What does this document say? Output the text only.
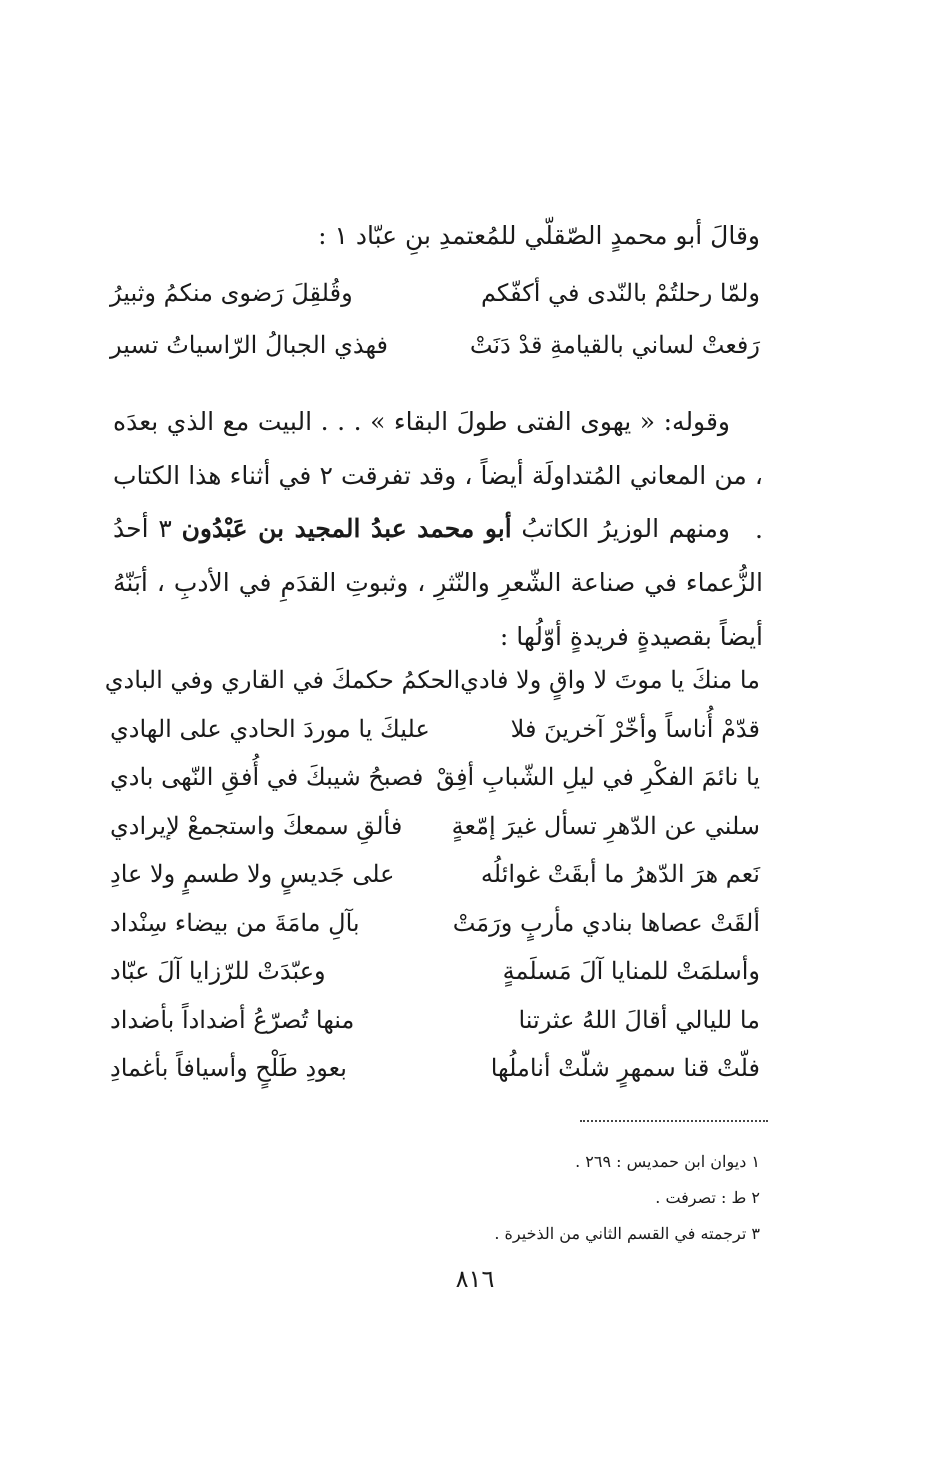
وقالَ أبو محمدٍ الصّقلّي للمُعتمدِ بنِ عبّاد ١ :
ولمّا رحلتُمْ بالنّدى في أكفّكم
وقُلقِلَ رَضوى منكمُ وثبيرُ
رَفعتْ لساني بالقيامةِ قدْ دَنَتْ
فهذي الجبالُ الرّاسياتُ تسير
وقوله: « يهوى الفتى طولَ البقاء » . . . البيت مع الذي بعدَه ، من المعاني المُتداولَة أيضاً ، وقد تفرقت ٢ في أثناء هذا الكتاب .
ومنهم الوزيرُ الكاتبُ أبو محمد عبدُ المجيد بن عَبْدُون ٣ أحدُ الزُّعماء في صناعة الشّعرِ والنّثرِ ، وثبوتِ القدَمِ في الأدبِ ، أبَنّهُ أيضاً بقصيدةٍ فريدةٍ أوّلُها :
ما منكَ يا موتَ لا واقٍ ولا فادي
الحكمُ حكمكَ في القاري وفي البادي
قدّمْ أُناساً وأخّرْ آخرينَ فلا
عليكَ يا موردَ الحادي على الهادي
يا نائمَ الفكْرِ في ليلِ الشّبابِ أفِقْ
فصبحُ شيبكَ في أُفقِ النّهى بادي
سلني عن الدّهرِ تسأل غيرَ إمّعةٍ
فألقِ سمعكَ واستجمعْ لإيرادي
نَعم هرَ الدّهرُ ما أبقَتْ غوائلُه
على جَديسٍ ولا طسمٍ ولا عادِ
ألقَتْ عصاها بنادي مأربٍ ورَمَتْ
بآلِ مامَةَ من بيضاء سِنْداد
وأسلمَتْ للمنايا آلَ مَسلَمةٍ
وعبّدَتْ للرّزايا آلَ عبّاد
ما لليالي أقالَ اللهُ عثرتنا
منها تُصرّعُ أضداداً بأضداد
فلّتْ قنا سمهرٍ شلّتْ أناملُها
بعودِ طَلْحٍ وأسيافاً بأغمادِ
١ ديوان ابن حمديس : ٢٦٩ .
٢ ط : تصرفت .
٣ ترجمته في القسم الثاني من الذخيرة .
٨١٦
